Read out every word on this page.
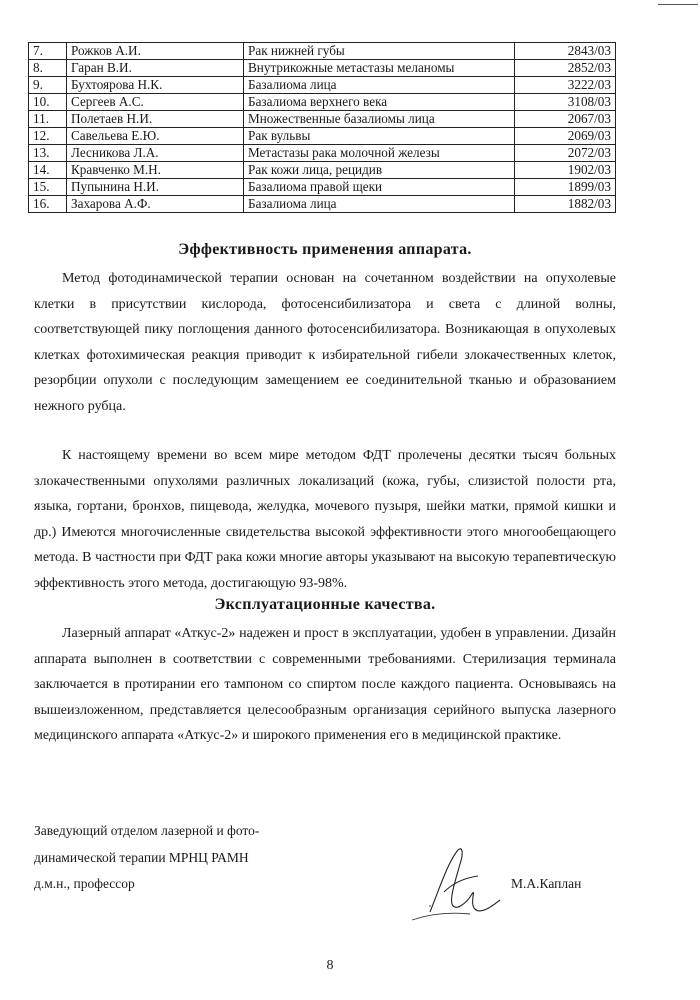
7.	Рожков А.И.	Рак нижней губы	2843/03
8.	Гаран В.И.	Внутрикожные метастазы меланомы	2852/03
9.	Бухтоярова Н.К.	Базалиома лица	3222/03
10.	Сергеев А.С.	Базалиома верхнего века	3108/03
11.	Полетаев Н.И.	Множественные базалиомы лица	2067/03
12.	Савельева Е.Ю.	Рак вульвы	2069/03
13.	Лесникова Л.А.	Метастазы рака молочной железы	2072/03
14.	Кравченко М.Н.	Рак кожи лица, рецидив	1902/03
15.	Пупынина Н.И.	Базалиома правой щеки	1899/03
16.	Захарова А.Ф.	Базалиома лица	1882/03
Эффективность применения аппарата.

Метод фотодинамической терапии основан на сочетанном воздействии на опухолевые клетки в присутствии кислорода, фотосенсибилизатора и света с длиной волны, соответствующей пику поглощения данного фотосенсибилизатора. Возникающая в опухолевых клетках фотохимическая реакция приводит к избирательной гибели злокачественных клеток, резорбции опухоли с последующим замещением ее соединительной тканью и образованием нежного рубца.

К настоящему времени во всем мире методом ФДТ пролечены десятки тысяч больных злокачественными опухолями различных локализаций (кожа, губы, слизистой полости рта, языка, гортани, бронхов, пищевода, желудка, мочевого пузыря, шейки матки, прямой кишки и др.) Имеются многочисленные свидетельства высокой эффективности этого многообещающего метода. В частности при ФДТ рака кожи многие авторы указывают на высокую терапевтическую эффективность этого метода, достигающую 93-98%.

Эксплуатационные качества.

Лазерный аппарат «Аткус-2» надежен и прост в эксплуатации, удобен в управлении. Дизайн аппарата выполнен в соответствии с современными требованиями. Стерилизация терминала заключается в протирании его тампоном со спиртом после каждого пациента. Основываясь на вышеизложенном, представляется целесообразным организация серийного выпуска лазерного медицинского аппарата «Аткус-2» и широкого применения его в медицинской практике.

Заведующий отделом лазерной и фото-

динамической терапии МРНЦ РАМН

д.м.н., профессор	М.А.Каплан
8
